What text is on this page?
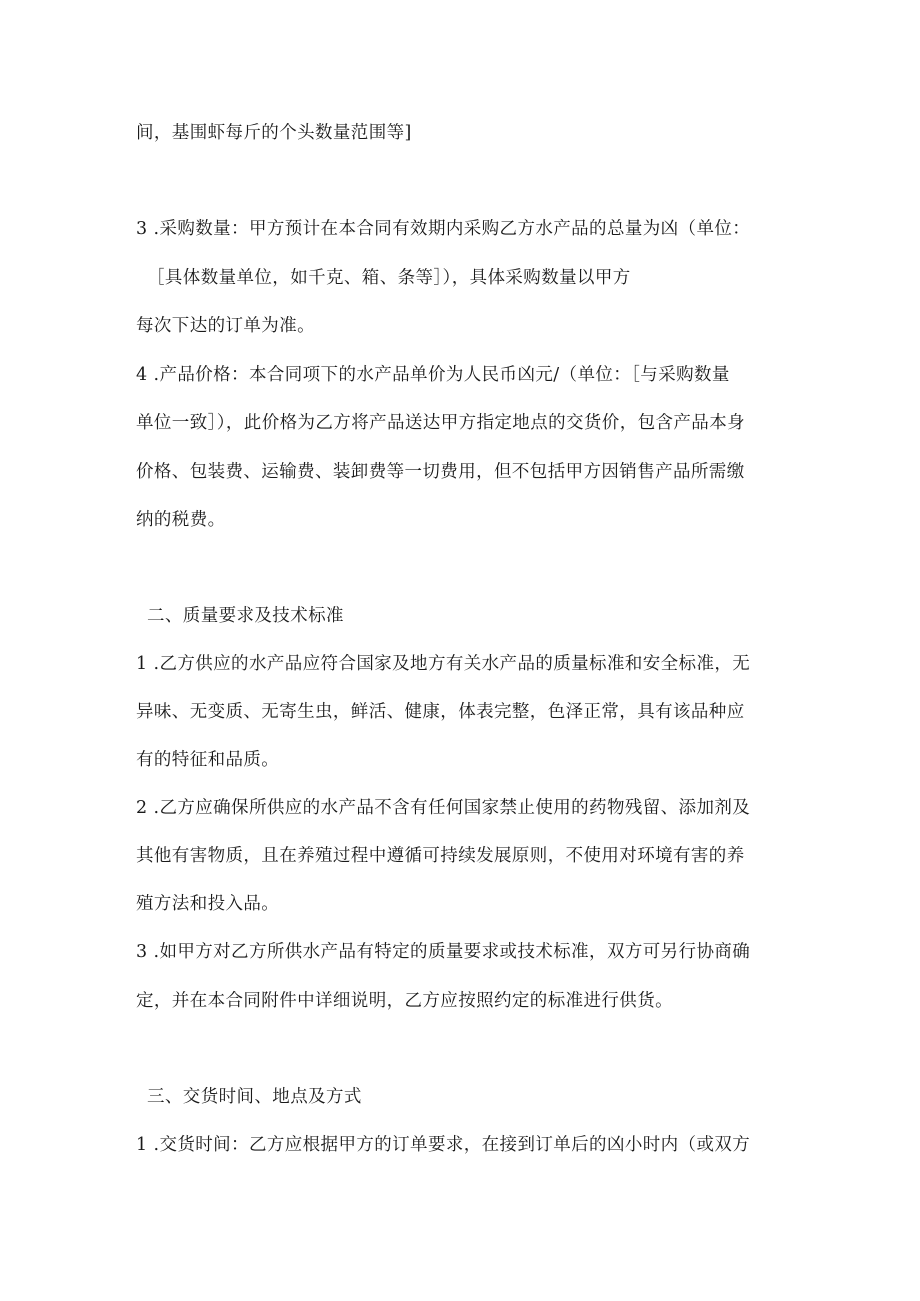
间，基围虾每斤的个头数量范围等]
3 .采购数量：甲方预计在本合同有效期内采购乙方水产品的总量为凶（单位：
［具体数量单位，如千克、箱、条等］），具体采购数量以甲方
每次下达的订单为准。
4 .产品价格：本合同项下的水产品单价为人民币凶元/（单位：［与采购数量
单位一致］），此价格为乙方将产品送达甲方指定地点的交货价，包含产品本身
价格、包装费、运输费、装卸费等一切费用，但不包括甲方因销售产品所需缴
纳的税费。
二、质量要求及技术标准
1 .乙方供应的水产品应符合国家及地方有关水产品的质量标准和安全标准，无
异味、无变质、无寄生虫，鲜活、健康，体表完整，色泽正常，具有该品种应
有的特征和品质。
2 .乙方应确保所供应的水产品不含有任何国家禁止使用的药物残留、添加剂及
其他有害物质，且在养殖过程中遵循可持续发展原则，不使用对环境有害的养
殖方法和投入品。
3 .如甲方对乙方所供水产品有特定的质量要求或技术标准，双方可另行协商确
定，并在本合同附件中详细说明，乙方应按照约定的标准进行供货。
三、交货时间、地点及方式
1 .交货时间：乙方应根据甲方的订单要求，在接到订单后的凶小时内（或双方
